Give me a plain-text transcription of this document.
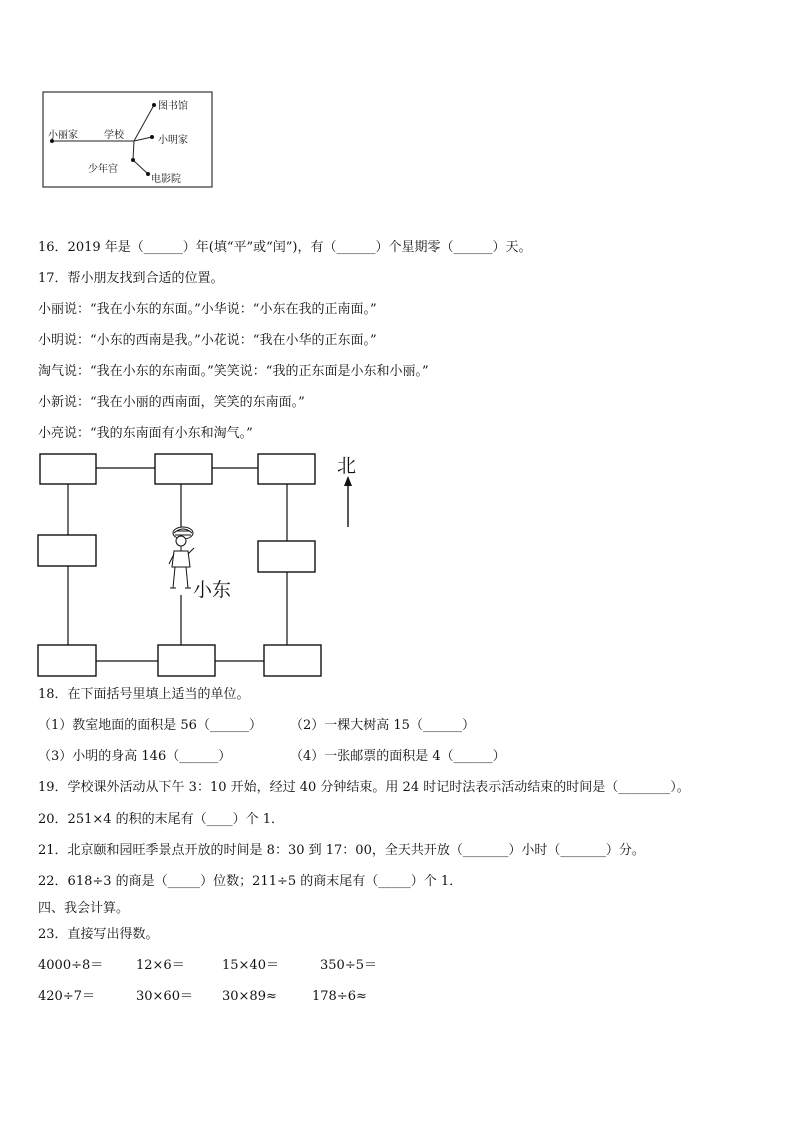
图书馆
小丽家	学校	小明家
少年宫
电影院
16．2019 年是（______）年(填“平”或“闰”)，有（______）个星期零（______）天。
17．帮小朋友找到合适的位置。
小丽说：“我在小东的东面。”小华说：“小东在我的正南面。”
小明说：“小东的西南是我。”小花说：“我在小华的正东面。”
淘气说：“我在小东的东南面。”笑笑说：“我的正东面是小东和小丽。”
小新说：“我在小丽的西南面，笑笑的东南面。”
小亮说：“我的东南面有小东和淘气。”
北
小东
18．在下面括号里填上适当的单位。
（1）教室地面的面积是 56（______） （2）一棵大树高 15（______）
（3）小明的身高 146（______）	（4）一张邮票的面积是 4（______）
19．学校课外活动从下午 3：10 开始，经过 40 分钟结束。用 24 时记时法表示活动结束的时间是（________）。
20．251×4 的积的末尾有（____）个 1．
21．北京颐和园旺季景点开放的时间是 8：30 到 17：00，全天共开放（_______）小时（_______）分。
22．618÷3 的商是（_____）位数；211÷5 的商末尾有（_____）个 1．
四、我会计算。
23．直接写出得数。
4000÷8＝	12×6＝	15×40＝	350÷5＝
420÷7＝	30×60＝ 30×89≈	178÷6≈
